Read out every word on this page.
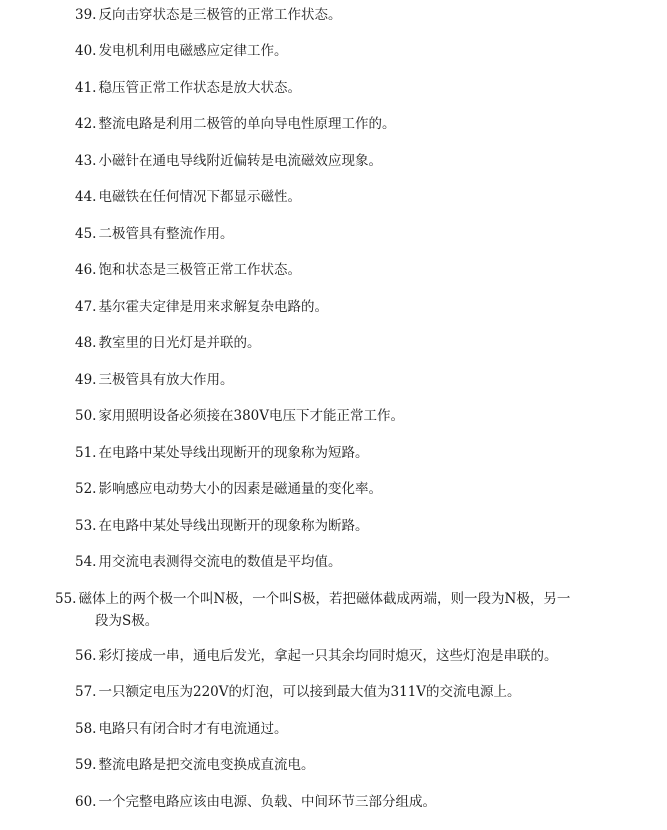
39. 反向击穿状态是三极管的正常工作状态。
40. 发电机利用电磁感应定律工作。
41. 稳压管正常工作状态是放大状态。
42. 整流电路是利用二极管的单向导电性原理工作的。
43. 小磁针在通电导线附近偏转是电流磁效应现象。
44. 电磁铁在任何情况下都显示磁性。
45. 二极管具有整流作用。
46. 饱和状态是三极管正常工作状态。
47. 基尔霍夫定律是用来求解复杂电路的。
48. 教室里的日光灯是并联的。
49. 三极管具有放大作用。
50. 家用照明设备必须接在380V电压下才能正常工作。
51. 在电路中某处导线出现断开的现象称为短路。
52. 影响感应电动势大小的因素是磁通量的变化率。
53. 在电路中某处导线出现断开的现象称为断路。
54. 用交流电表测得交流电的数值是平均值。
55. 磁体上的两个极一个叫N极，一个叫S极，若把磁体截成两端，则一段为N极，另一段为S极。
56. 彩灯接成一串，通电后发光，拿起一只其余均同时熄灭，这些灯泡是串联的。
57. 一只额定电压为220V的灯泡，可以接到最大值为311V的交流电源上。
58. 电路只有闭合时才有电流通过。
59. 整流电路是把交流电变换成直流电。
60. 一个完整电路应该由电源、负载、中间环节三部分组成。
